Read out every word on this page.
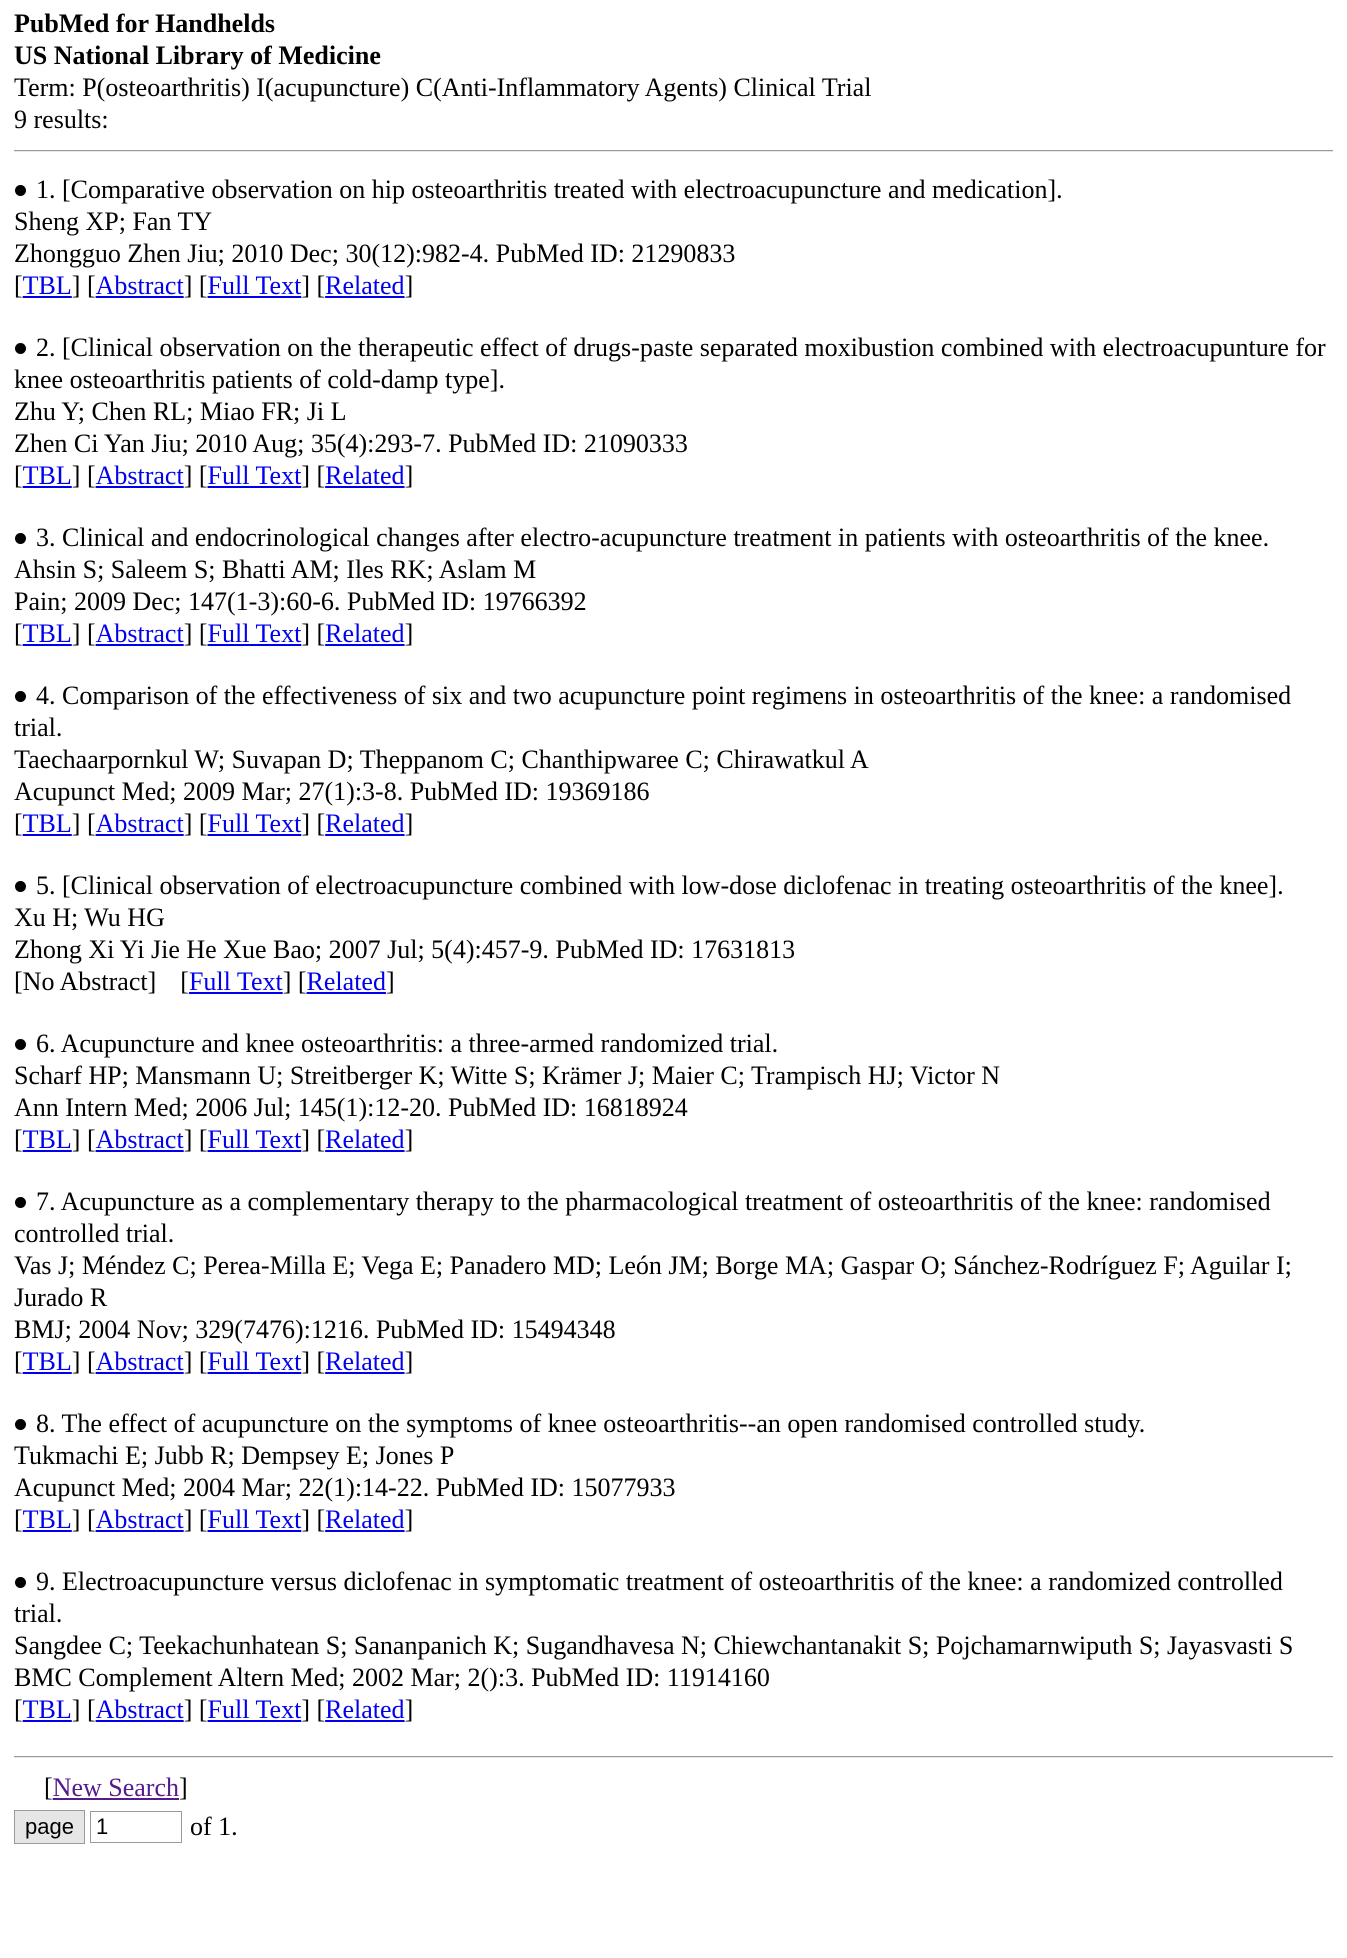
PubMed for Handhelds
US National Library of Medicine
Term: P(osteoarthritis) I(acupuncture) C(Anti-Inflammatory Agents) Clinical Trial
9 results:
1. [Comparative observation on hip osteoarthritis treated with electroacupuncture and medication].
Sheng XP; Fan TY
Zhongguo Zhen Jiu; 2010 Dec; 30(12):982-4. PubMed ID: 21290833
[TBL] [Abstract] [Full Text] [Related]
2. [Clinical observation on the therapeutic effect of drugs-paste separated moxibustion combined with electroacupunture for knee osteoarthritis patients of cold-damp type].
Zhu Y; Chen RL; Miao FR; Ji L
Zhen Ci Yan Jiu; 2010 Aug; 35(4):293-7. PubMed ID: 21090333
[TBL] [Abstract] [Full Text] [Related]
3. Clinical and endocrinological changes after electro-acupuncture treatment in patients with osteoarthritis of the knee.
Ahsin S; Saleem S; Bhatti AM; Iles RK; Aslam M
Pain; 2009 Dec; 147(1-3):60-6. PubMed ID: 19766392
[TBL] [Abstract] [Full Text] [Related]
4. Comparison of the effectiveness of six and two acupuncture point regimens in osteoarthritis of the knee: a randomised trial.
Taechaarpornkul W; Suvapan D; Theppanom C; Chanthipwaree C; Chirawatkul A
Acupunct Med; 2009 Mar; 27(1):3-8. PubMed ID: 19369186
[TBL] [Abstract] [Full Text] [Related]
5. [Clinical observation of electroacupuncture combined with low-dose diclofenac in treating osteoarthritis of the knee].
Xu H; Wu HG
Zhong Xi Yi Jie He Xue Bao; 2007 Jul; 5(4):457-9. PubMed ID: 17631813
[No Abstract] [Full Text] [Related]
6. Acupuncture and knee osteoarthritis: a three-armed randomized trial.
Scharf HP; Mansmann U; Streitberger K; Witte S; Krämer J; Maier C; Trampisch HJ; Victor N
Ann Intern Med; 2006 Jul; 145(1):12-20. PubMed ID: 16818924
[TBL] [Abstract] [Full Text] [Related]
7. Acupuncture as a complementary therapy to the pharmacological treatment of osteoarthritis of the knee: randomised controlled trial.
Vas J; Méndez C; Perea-Milla E; Vega E; Panadero MD; León JM; Borge MA; Gaspar O; Sánchez-Rodríguez F; Aguilar I; Jurado R
BMJ; 2004 Nov; 329(7476):1216. PubMed ID: 15494348
[TBL] [Abstract] [Full Text] [Related]
8. The effect of acupuncture on the symptoms of knee osteoarthritis--an open randomised controlled study.
Tukmachi E; Jubb R; Dempsey E; Jones P
Acupunct Med; 2004 Mar; 22(1):14-22. PubMed ID: 15077933
[TBL] [Abstract] [Full Text] [Related]
9. Electroacupuncture versus diclofenac in symptomatic treatment of osteoarthritis of the knee: a randomized controlled trial.
Sangdee C; Teekachunhatean S; Sananpanich K; Sugandhavesa N; Chiewchantanakit S; Pojchamarnwiputh S; Jayasvasti S
BMC Complement Altern Med; 2002 Mar; 2():3. PubMed ID: 11914160
[TBL] [Abstract] [Full Text] [Related]
[New Search]
page
1	of 1.
